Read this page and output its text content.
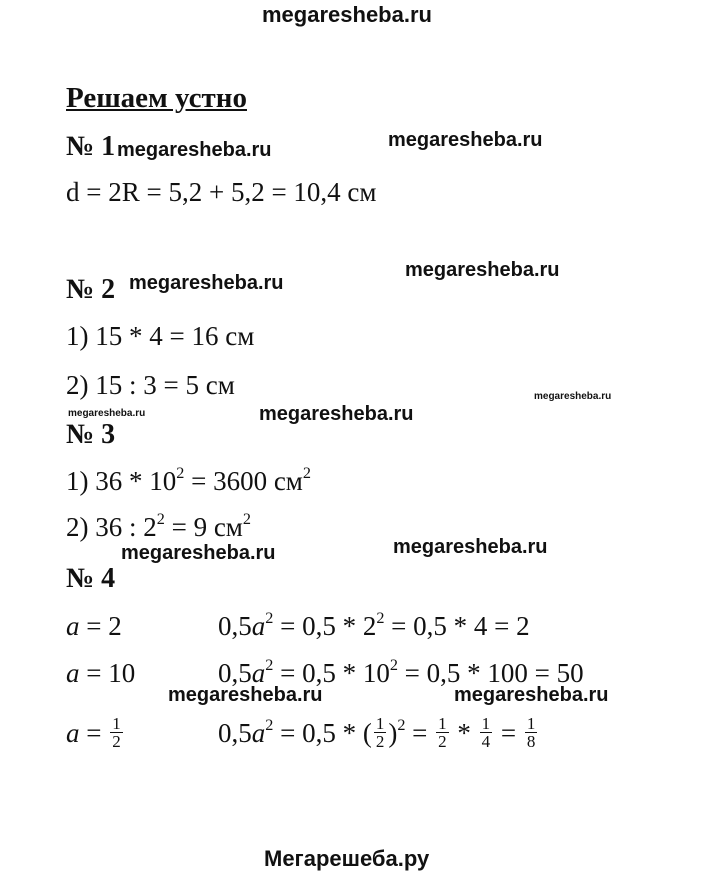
megaresheba.ru
megaresheba.ru	megaresheba.ru
megaresheba.ru
megaresheba.ru
megaresheba.ru
megaresheba.ru
megaresheba.ru
megaresheba.ru	megaresheba.ru
megaresheba.ru	megaresheba.ru
Мегарешеба.ру
Решаем устно
№ 1
d = 2R = 5,2 + 5,2 = 10,4 см
№ 2
1) 15 * 4 = 16 см
2) 15 : 3 = 5 см
№ 3
1) $36 * 10^2 = 3600$ $см^2$
2) 36 : $2^2 = 9$ $см^2$
№ 4
a = 2	$0,5a^2 = 0,5 * 2^2 = 0,5 * 4 = 2$
a = 10	$0,5a^2 = 0,5 * 10^2 = 0,5 * 100 = 50$
$a = \frac{1}{2}$	$0,5a^2 = 0,5$ * ( $\frac{1}{2} )^2 = \frac{1}{2} * \frac{1}{4} = \frac{1}{8}$
